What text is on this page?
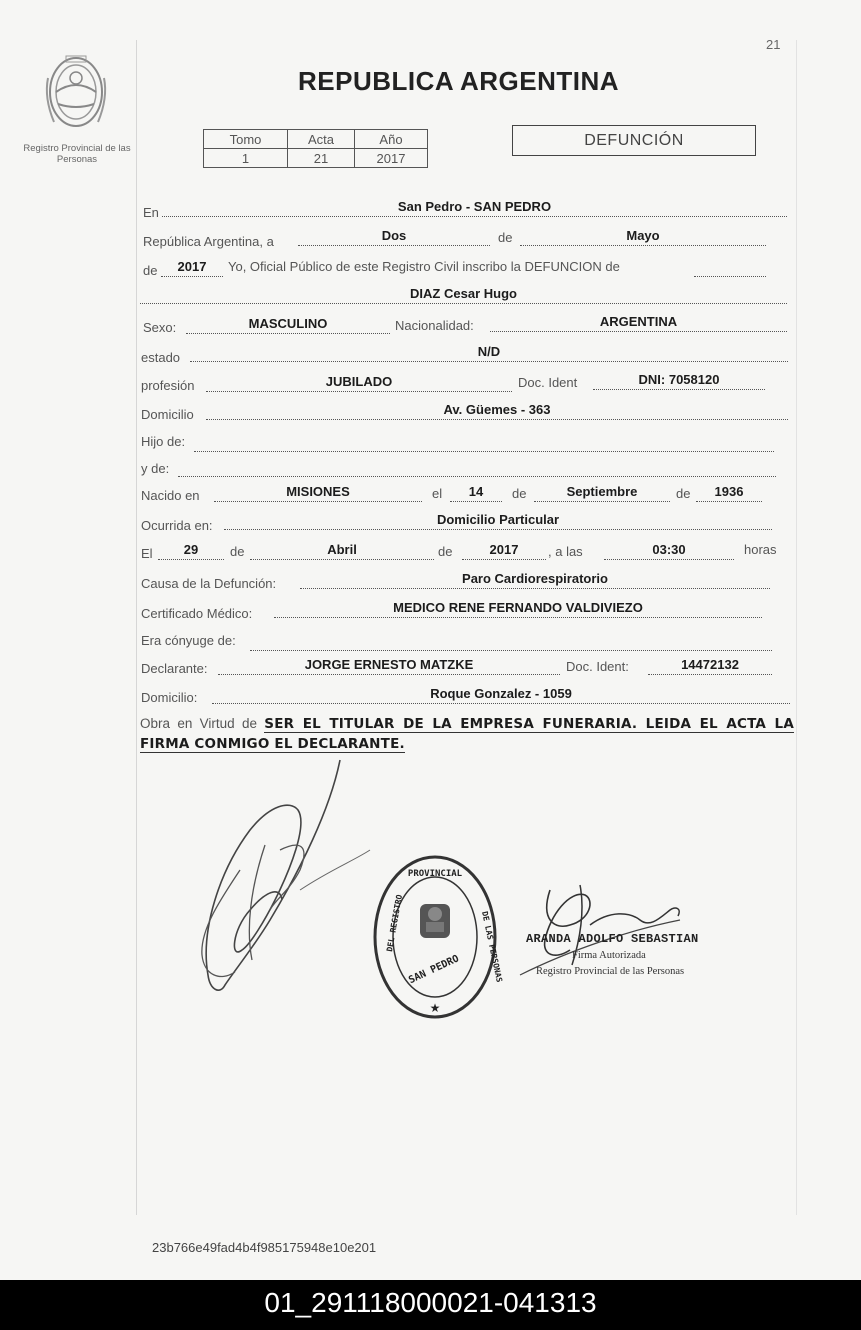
21
Registro Provincial de las Personas
REPUBLICA ARGENTINA
Tomo	Acta	Año
1	21	2017
DEFUNCIÓN
En	San Pedro - SAN PEDRO
República Argentina, a	Dos	de	Mayo
de	2017	Yo, Oficial Público de este Registro Civil inscribo la DEFUNCION de
DIAZ Cesar Hugo
Sexo:	MASCULINO	Nacionalidad:	ARGENTINA
estado	N/D
profesión	JUBILADO	Doc. Ident	DNI: 7058120
Domicilio	Av. Güemes - 363
Hijo de:
y de:
Nacido en	MISIONES	el	14	de	Septiembre	de	1936
Ocurrida en:	Domicilio Particular
El	29	de	Abril	de	2017	, a las	03:30	horas
Causa de la Defunción:	Paro Cardiorespiratorio
Certificado Médico:	MEDICO RENE FERNANDO VALDIVIEZO
Era cónyuge de:
Declarante:	JORGE ERNESTO MATZKE	Doc. Ident:	14472132
Domicilio:	Roque Gonzalez - 1059
Obra en Virtud de SER EL TITULAR DE LA EMPRESA FUNERARIA. LEIDA EL ACTA LA FIRMA CONMIGO EL DECLARANTE.
PROVINCIAL
DEL REGISTRO	DE LAS PERSONAS
SAN PEDRO
★
ARANDA ADOLFO SEBASTIAN
Firma Autorizada
Registro Provincial de las Personas
23b766e49fad4b4f985175948e10e201
01_291118000021-041313
